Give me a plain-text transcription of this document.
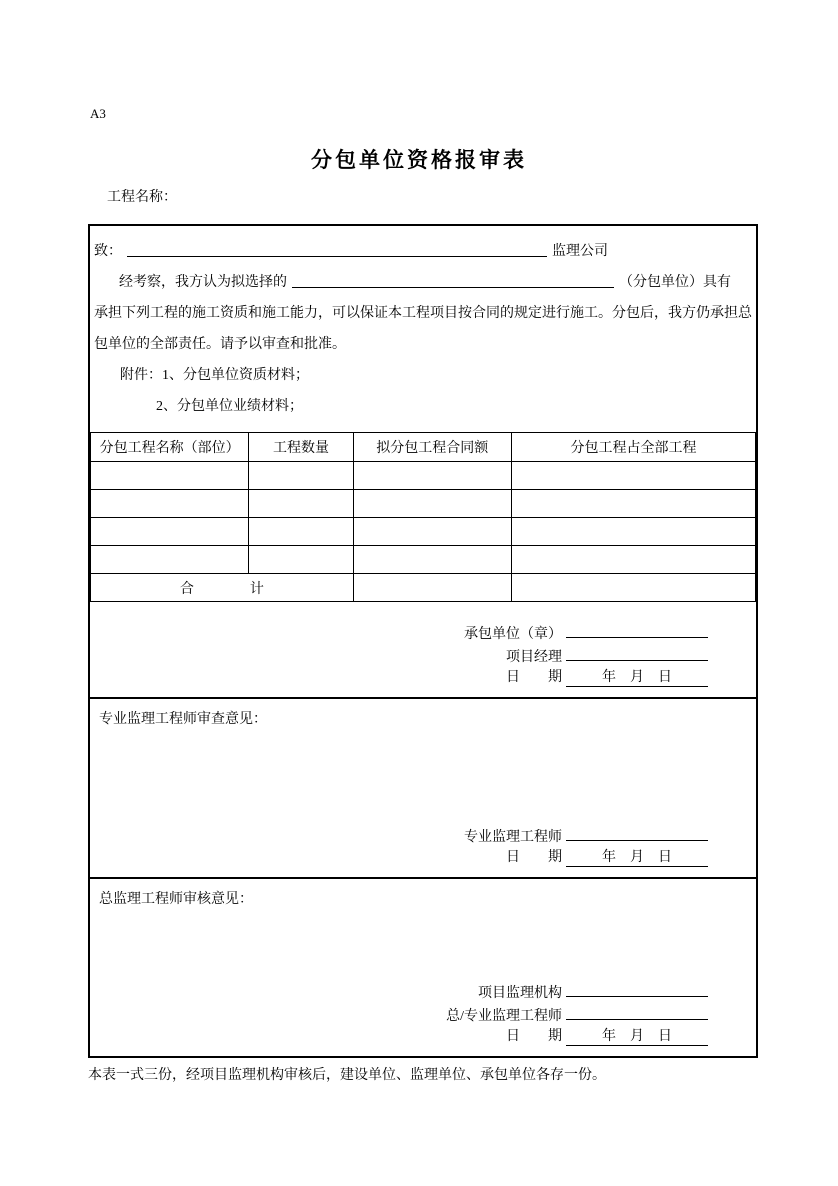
A3
分包单位资格报审表
工程名称：
致：	监理公司
经考察，我方认为拟选择的	（分包单位）具有
承担下列工程的施工资质和施工能力，可以保证本工程项目按合同的规定进行施工。分包后，我方仍承担总
包单位的全部责任。请予以审查和批准。
附件：1、分包单位资质材料；
2、分包单位业绩材料；
分包工程名称（部位）	工程数量	拟分包工程合同额	分包工程占全部工程

合　　　　计			
承包单位（章）
项目经理
日　　期	年　月　日
专业监理工程师审查意见：
专业监理工程师
日　　期	年　月　日
总监理工程师审核意见：
项目监理机构
总/专业监理工程师
日　　期	年　月　日
本表一式三份，经项目监理机构审核后，建设单位、监理单位、承包单位各存一份。
